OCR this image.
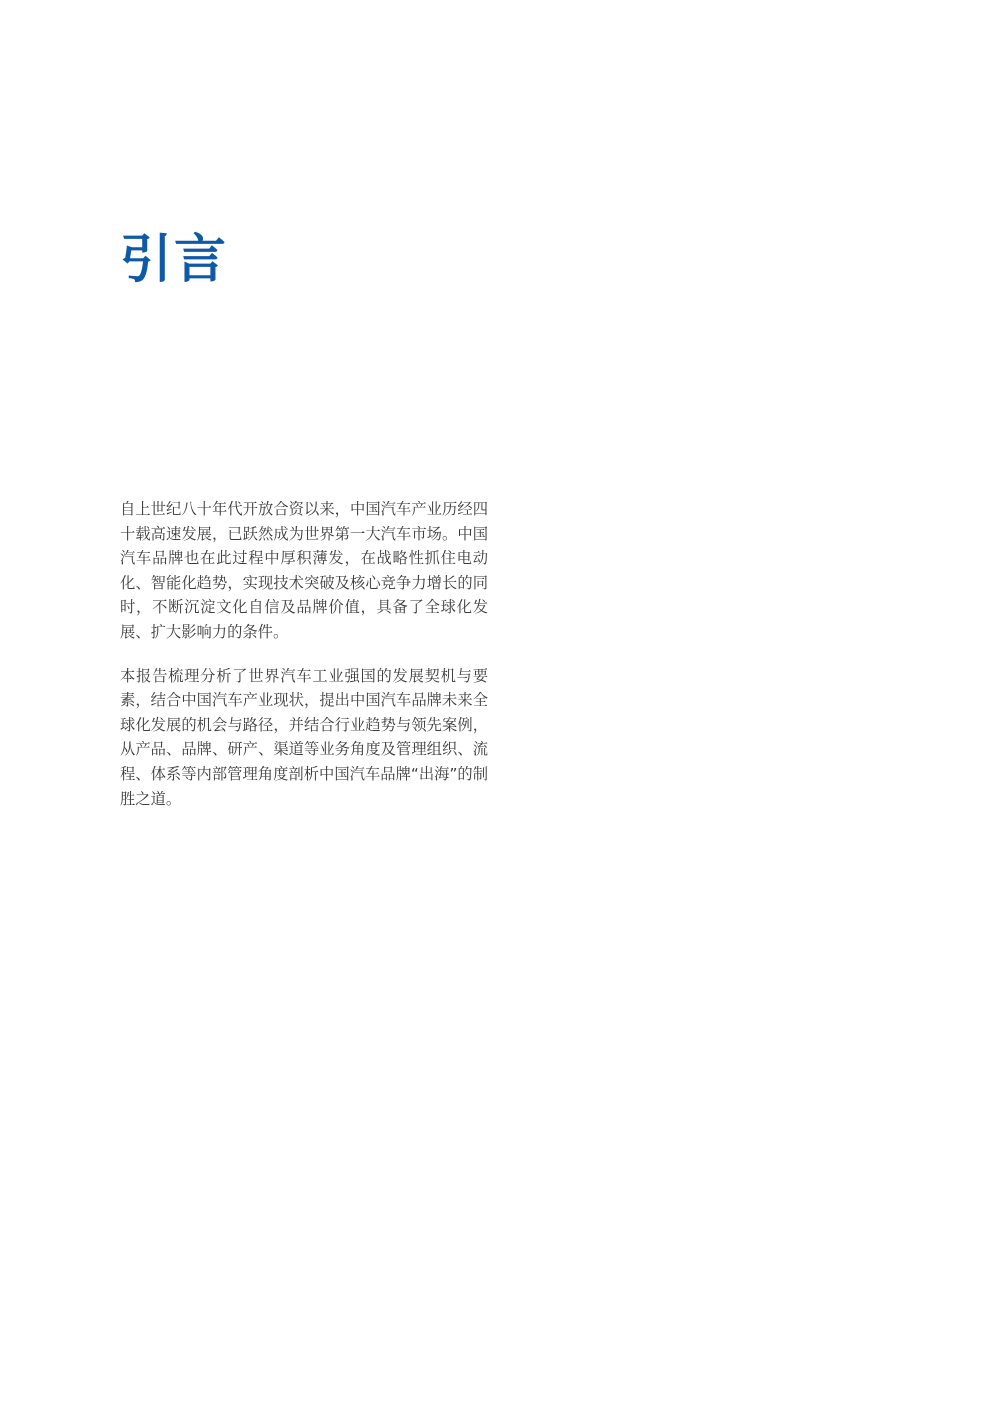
引言

自上世纪八十年代开放合资以来，中国汽车产业历经四十载高速发展，已跃然成为世界第一大汽车市场。中国汽车品牌也在此过程中厚积薄发，在战略性抓住电动化、智能化趋势，实现技术突破及核心竞争力增长的同时，不断沉淀文化自信及品牌价值，具备了全球化发展、扩大影响力的条件。

本报告梳理分析了世界汽车工业强国的发展契机与要素，结合中国汽车产业现状，提出中国汽车品牌未来全球化发展的机会与路径，并结合行业趋势与领先案例，从产品、品牌、研产、渠道等业务角度及管理组织、流程、体系等内部管理角度剖析中国汽车品牌“出海”的制胜之道。
